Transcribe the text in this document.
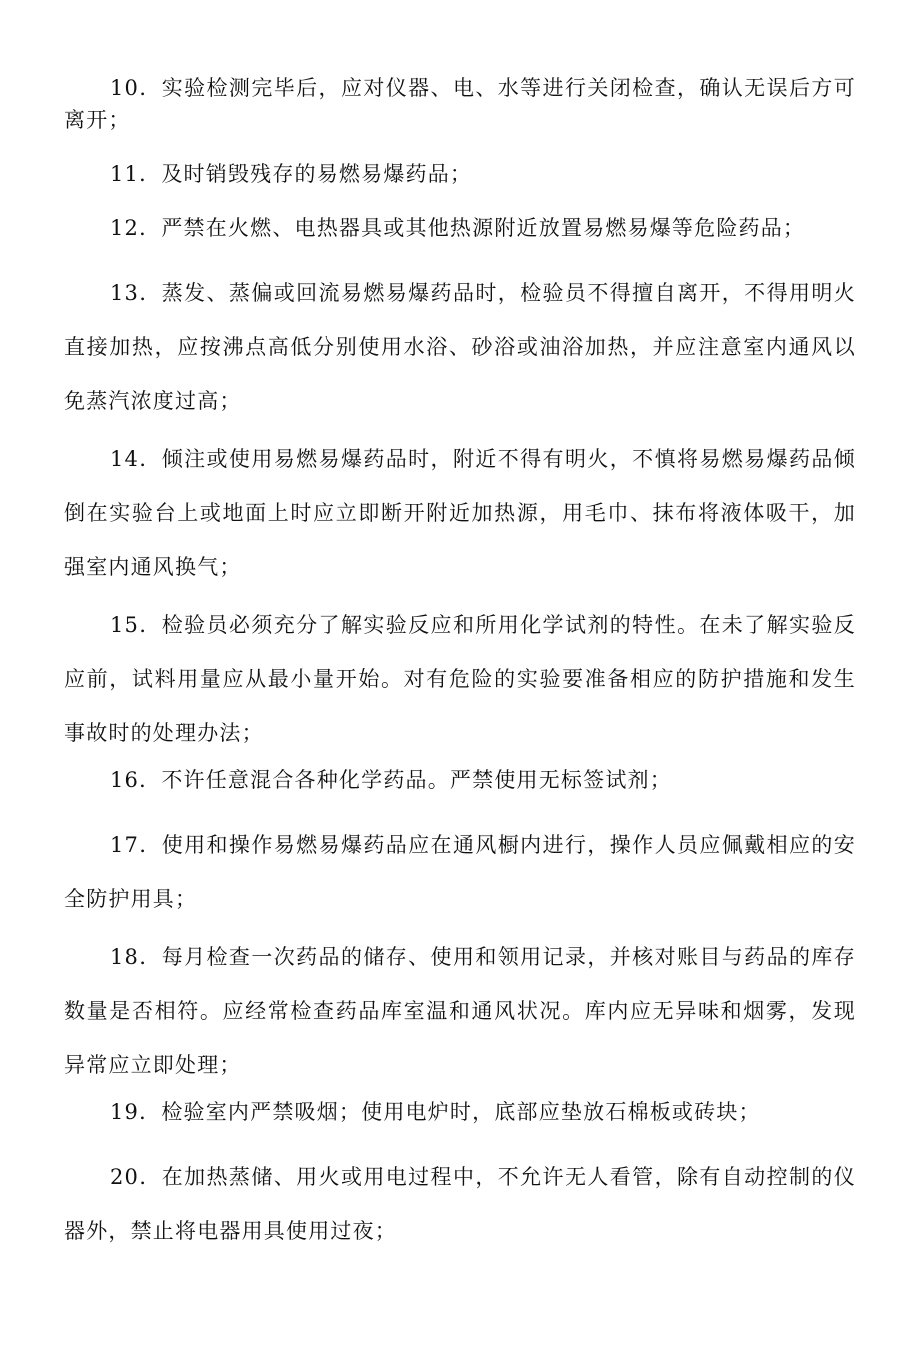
10．实验检测完毕后，应对仪器、电、水等进行关闭检查，确认无误后方可离开；

11．及时销毁残存的易燃易爆药品；

12．严禁在火燃、电热器具或其他热源附近放置易燃易爆等危险药品；

13．蒸发、蒸偏或回流易燃易爆药品时，检验员不得擅自离开，不得用明火直接加热，应按沸点高低分别使用水浴、砂浴或油浴加热，并应注意室内通风以免蒸汽浓度过高；

14．倾注或使用易燃易爆药品时，附近不得有明火，不慎将易燃易爆药品倾倒在实验台上或地面上时应立即断开附近加热源，用毛巾、抹布将液体吸干，加强室内通风换气；

15．检验员必须充分了解实验反应和所用化学试剂的特性。在未了解实验反应前，试料用量应从最小量开始。对有危险的实验要准备相应的防护措施和发生事故时的处理办法；

16．不许任意混合各种化学药品。严禁使用无标签试剂；

17．使用和操作易燃易爆药品应在通风橱内进行，操作人员应佩戴相应的安全防护用具；

18．每月检查一次药品的储存、使用和领用记录，并核对账目与药品的库存数量是否相符。应经常检查药品库室温和通风状况。库内应无异味和烟雾，发现异常应立即处理；

19．检验室内严禁吸烟；使用电炉时，底部应垫放石棉板或砖块；

20．在加热蒸储、用火或用电过程中，不允许无人看管，除有自动控制的仪器外，禁止将电器用具使用过夜；
